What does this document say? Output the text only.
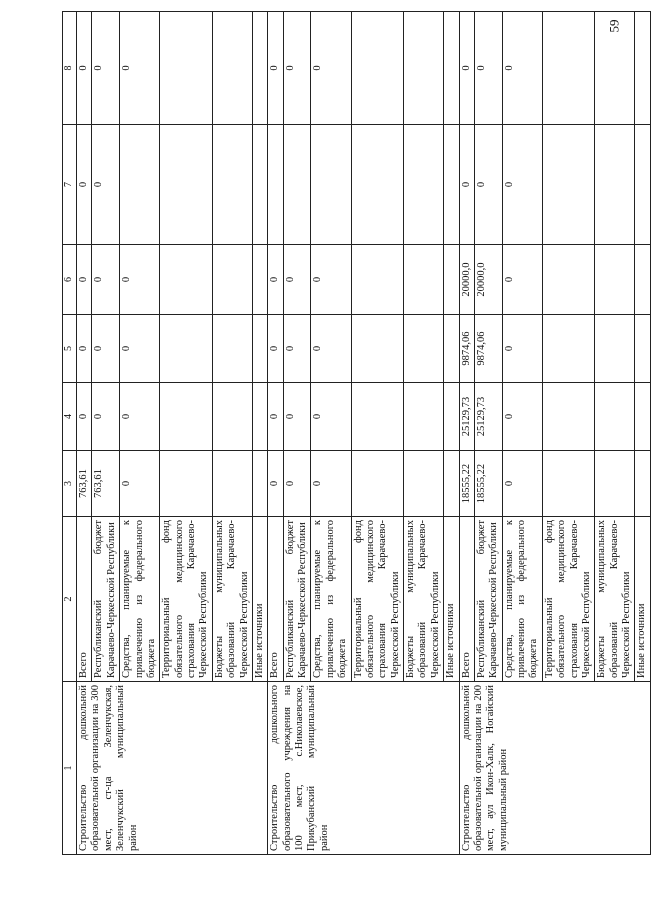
59
1	2	3	4	5	6	7	8
Строительство дошкольной образовательной организации на 300 мест, ст-ца Зеленчукская, Зеленчукский муниципальный район	Всего	763,61	0	0	0	0	0
	Республиканский бюджет Карачаево-Черкесской Республики	763,61	0	0	0	0	0
	Средства, планируемые к привлечению из федерального бюджета	0	0	0	0		0
	Территориальный фонд обязательного медицинского страхования Карачаево-Черкесской Республики						
	Бюджеты муниципальных образований Карачаево-Черкесской Республики						
	Иные источники						
Строительство дошкольного образовательного учреждения на 100 мест, с.Николаевское, Прикубанский муниципальный район	Всего	0	0	0	0		0
	Республиканский бюджет Карачаево-Черкесской Республики	0	0	0	0		0
	Средства, планируемые к привлечению из федерального бюджета	0	0	0	0		0
	Территориальный фонд обязательного медицинского страхования Карачаево-Черкесской Республики						
	Бюджеты муниципальных образований Карачаево-Черкесской Республики						
	Иные источники						
Строительство дошкольной образовательной организации на 200 мест, аул Икон-Халк, Ногайский муниципальный район	Всего	18555,22	25129,73	9874,06	20000,0	0	0
	Республиканский бюджет Карачаево-Черкесской Республики	18555,22	25129,73	9874,06	20000,0	0	0
	Средства, планируемые к привлечению из федерального бюджета	0	0	0	0	0	0
	Территориальный фонд обязательного медицинского страхования Карачаево-Черкесской Республики						
	Бюджеты муниципальных образований Карачаево-Черкесской Республики						
	Иные источники						
